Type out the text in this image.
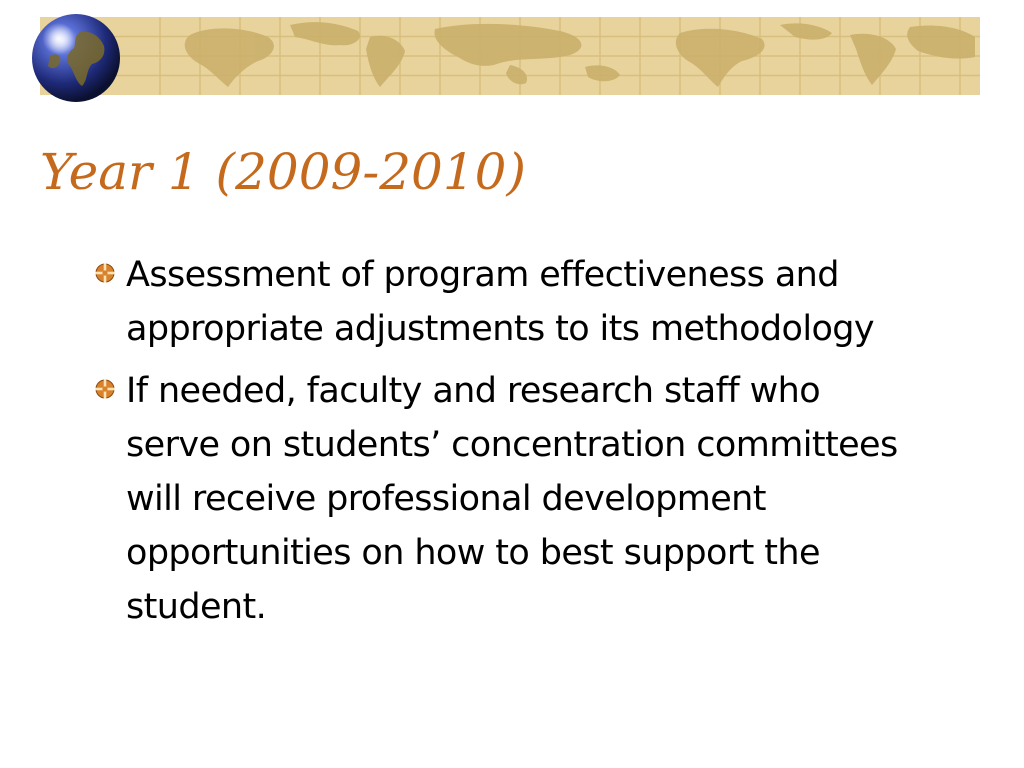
Year 1 (2009-2010)
Assessment of program effectiveness and appropriate adjustments to its methodology
If needed, faculty and research staff who serve on students’ concentration committees will receive professional development opportunities on how to best support the student.
